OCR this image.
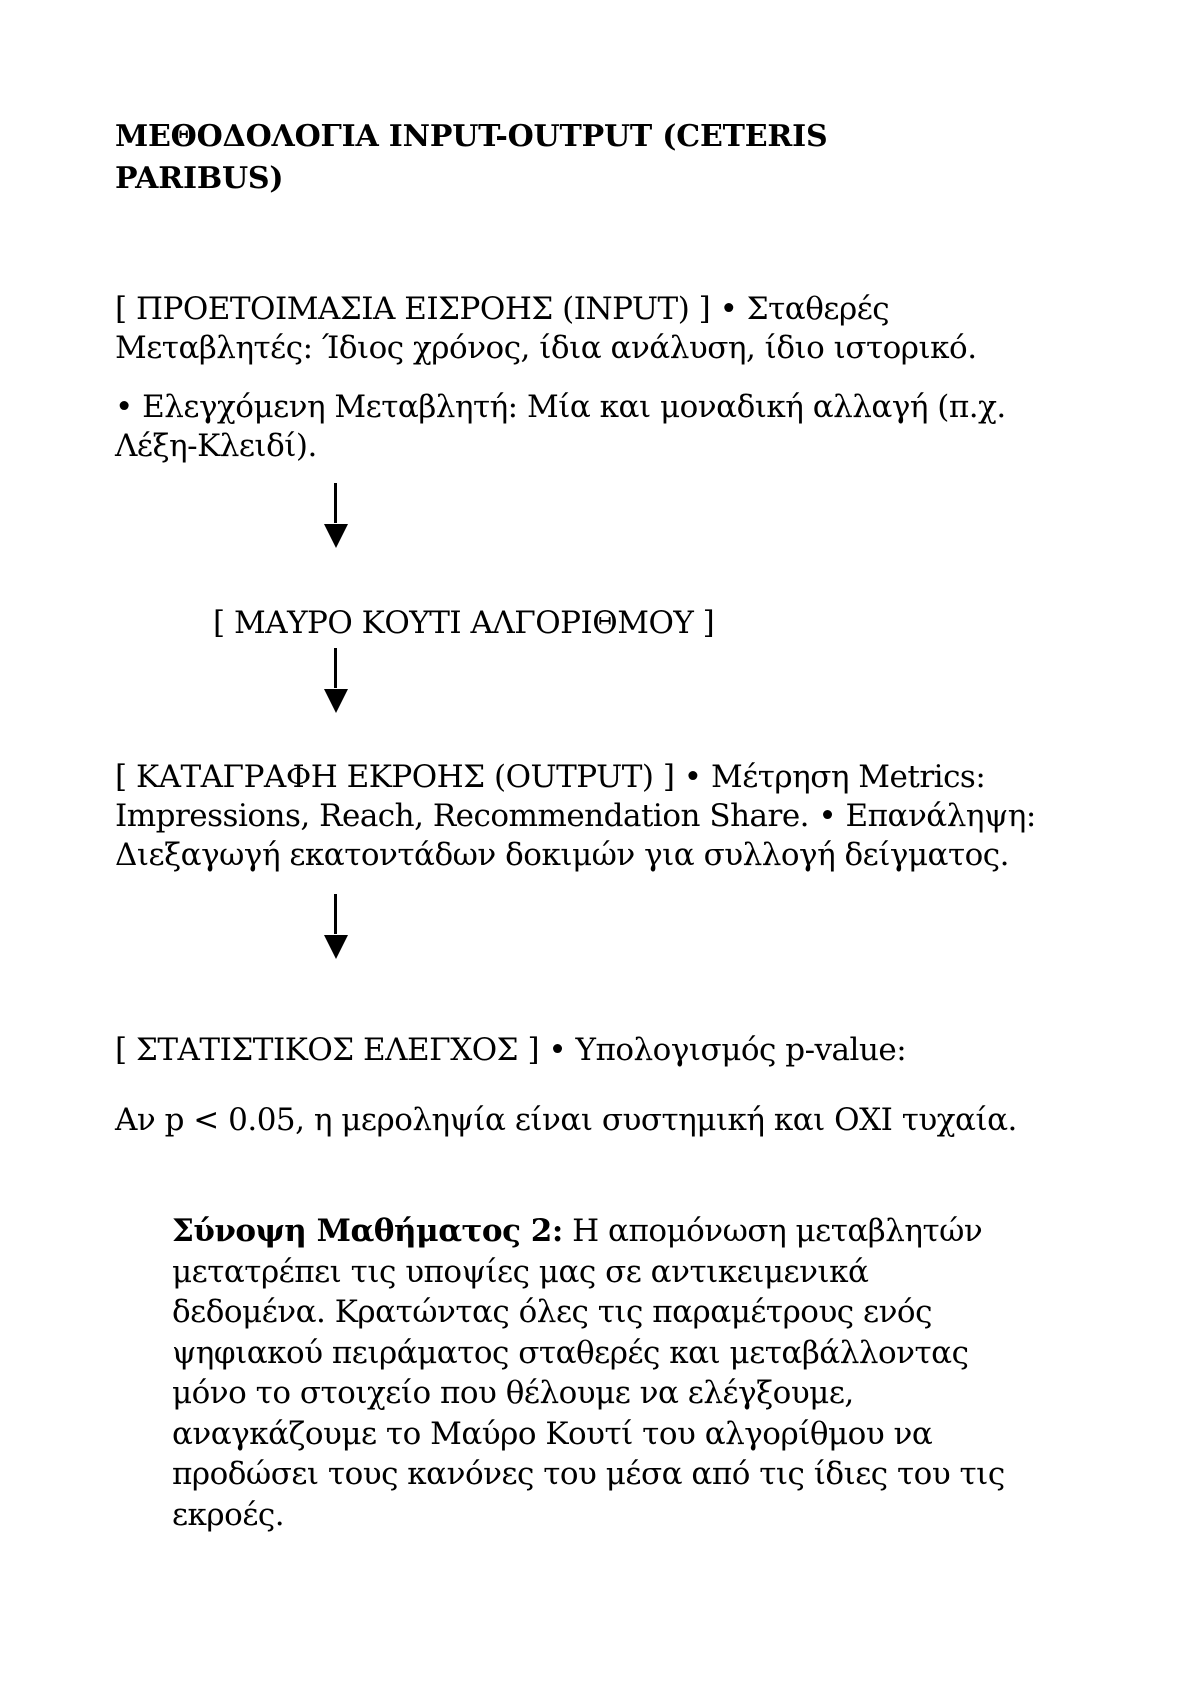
ΜΕΘΟΔΟΛΟΓΙΑ INPUT-OUTPUT (CETERIS
PARIBUS)
[ ΠΡΟΕΤΟΙΜΑΣΙΑ ΕΙΣΡΟΗΣ (INPUT) ] • Σταθερές
Μεταβλητές: Ίδιος χρόνος, ίδια ανάλυση, ίδιο ιστορικό.
• Ελεγχόμενη Μεταβλητή: Μία και μοναδική αλλαγή (π.χ.
Λέξη-Κλειδί).
[ ΜΑΥΡΟ ΚΟΥΤΙ ΑΛΓΟΡΙΘΜΟΥ ]
[ ΚΑΤΑΓΡΑΦΗ ΕΚΡΟΗΣ (OUTPUT) ] • Μέτρηση Metrics:
Impressions, Reach, Recommendation Share. • Επανάληψη:
Διεξαγωγή εκατοντάδων δοκιμών για συλλογή δείγματος.
[ ΣΤΑΤΙΣΤΙΚΟΣ ΕΛΕΓΧΟΣ ] • Υπολογισμός p-value:
Αν p < 0.05, η μεροληψία είναι συστημική και ΟΧΙ τυχαία.
Σύνοψη Μαθήματος 2: Η απομόνωση μεταβλητών
μετατρέπει τις υποψίες μας σε αντικειμενικά
δεδομένα. Κρατώντας όλες τις παραμέτρους ενός
ψηφιακού πειράματος σταθερές και μεταβάλλοντας
μόνο το στοιχείο που θέλουμε να ελέγξουμε,
αναγκάζουμε το Μαύρο Κουτί του αλγορίθμου να
προδώσει τους κανόνες του μέσα από τις ίδιες του τις
εκροές.
